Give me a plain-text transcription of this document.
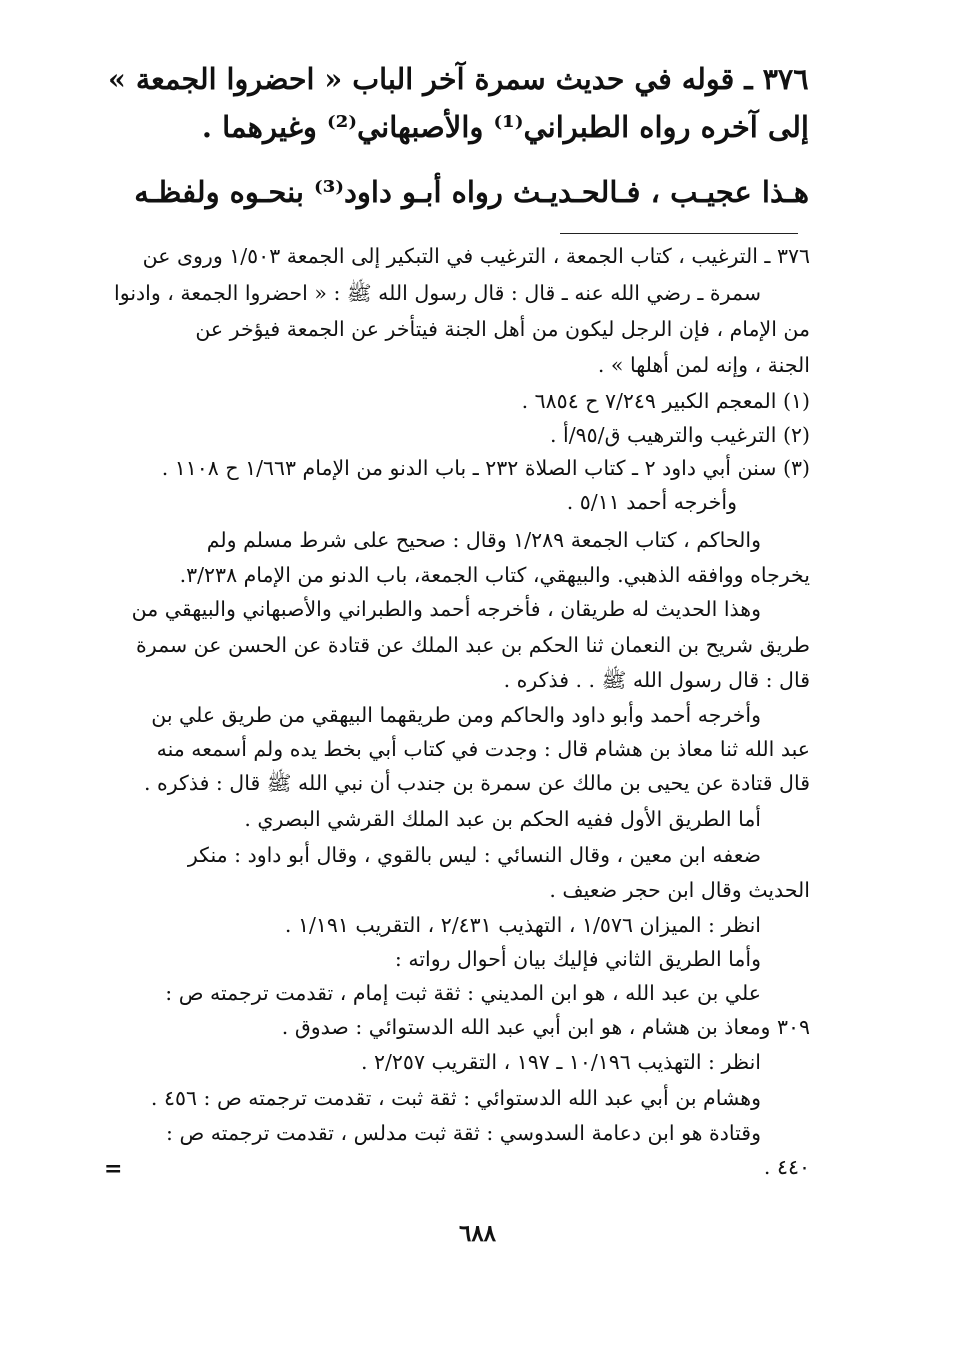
٣٧٦ ـ قوله في حديث سمرة آخر الباب « احضروا الجمعة »
إلى آخره رواه الطبراني⁽¹⁾ والأصبهاني⁽²⁾ وغيرهما .
هـذا عجيـب ، فـالحـديـث رواه أبـو داود⁽³⁾ بنحـوه ولفظـه
٣٧٦ ـ الترغيب ، كتاب الجمعة ، الترغيب في التبكير إلى الجمعة ١/٥٠٣ وروى عن
سمرة ـ رضي الله عنه ـ قال : قال رسول الله ﷺ : « احضروا الجمعة ، وادنوا
من الإمام ، فإن الرجل ليكون من أهل الجنة فيتأخر عن الجمعة فيؤخر عن
الجنة ، وإنه لمن أهلها » .
(١) المعجم الكبير ٧/٢٤٩ ح ٦٨٥٤ .
(٢) الترغيب والترهيب ق/٩٥/أ .
(٣) سنن أبي داود ٢ ـ كتاب الصلاة ٢٣٢ ـ باب الدنو من الإمام ١/٦٦٣ ح ١١٠٨ .
وأخرجه أحمد ٥/١١ .
والحاكم ، كتاب الجمعة ١/٢٨٩ وقال : صحيح على شرط مسلم ولم
يخرجاه ووافقه الذهبي. والبيهقي، كتاب الجمعة، باب الدنو من الإمام ٣/٢٣٨.
وهذا الحديث له طريقان ، فأخرجه أحمد والطبراني والأصبهاني والبيهقي من
طريق شريح بن النعمان ثنا الحكم بن عبد الملك عن قتادة عن الحسن عن سمرة
قال : قال رسول الله ﷺ . . فذكره .
وأخرجه أحمد وأبو داود والحاكم ومن طريقهما البيهقي من طريق علي بن
عبد الله ثنا معاذ بن هشام قال : وجدت في كتاب أبي بخط يده ولم أسمعه منه
قال قتادة عن يحيى بن مالك عن سمرة بن جندب أن نبي الله ﷺ قال : فذكره .
أما الطريق الأول ففيه الحكم بن عبد الملك القرشي البصري .
ضعفه ابن معين ، وقال النسائي : ليس بالقوي ، وقال أبو داود : منكر
الحديث وقال ابن حجر ضعيف .
انظر : الميزان ١/٥٧٦ ، التهذيب ٢/٤٣١ ، التقريب ١/١٩١ .
وأما الطريق الثاني فإليك بيان أحوال رواته :
علي بن عبد الله ، هو ابن المديني : ثقة ثبت إمام ، تقدمت ترجمته ص :
٣٠٩ ومعاذ بن هشام ، هو ابن أبي عبد الله الدستوائي : صدوق .
انظر : التهذيب ١٠/١٩٦ ـ ١٩٧ ، التقريب ٢/٢٥٧ .
وهشام بن أبي عبد الله الدستوائي : ثقة ثبت ، تقدمت ترجمته ص : ٤٥٦ .
وقتادة هو ابن دعامة السدوسي : ثقة ثبت مدلس ، تقدمت ترجمته ص :
٤٤٠ .
=
٦٨٨
